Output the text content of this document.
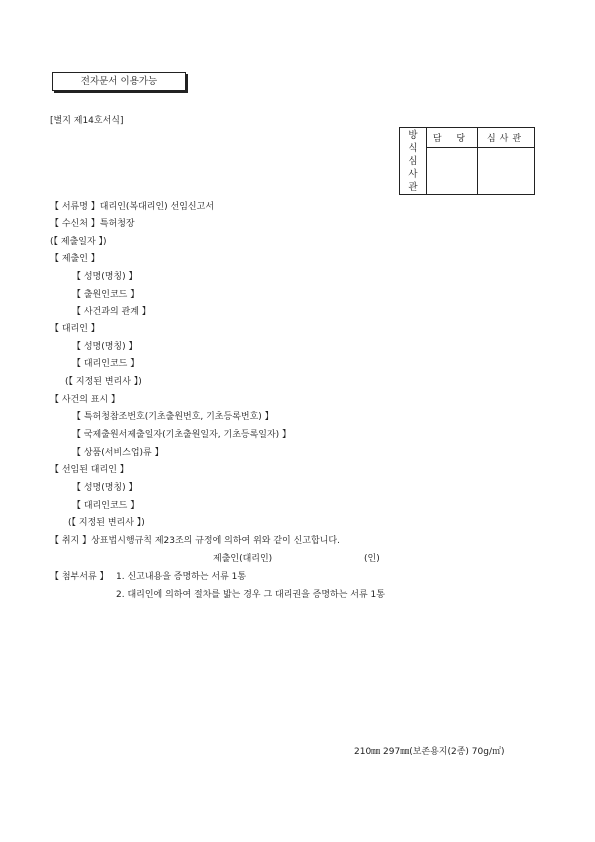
전자문서 이용가능
[별지 제14호서식]
방
식
심
사
관	담 당	심사관

【 서류명 】대리인(복대리인) 선임신고서
【 수신처 】특허청장
(【 제출일자 】)
【 제출인 】
【 성명(명칭) 】
【 출원인코드 】
【 사건과의 관계 】
【 대리인 】
【 성명(명칭) 】
【 대리인코드 】
(【 지정된 변리사 】)
【 사건의 표시 】
【 특허청참조번호(기초출원번호, 기초등록번호) 】
【 국제출원서제출일자(기초출원일자, 기초등록일자) 】
【 상품(서비스업)류 】
【 선임된 대리인 】
【 성명(명칭) 】
【 대리인코드 】
(【 지정된 변리사 】)
【 취지 】상표법시행규칙 제23조의 규정에 의하여 위와 같이 신고합니다.
제출인(대리인)	(인)
【 첨부서류 】 1. 신고내용을 증명하는 서류 1통
2. 대리인에 의하여 절차를 밟는 경우 그 대리권을 증명하는 서류 1통
210㎜ 297㎜(보존용지(2종) 70g/㎡)
